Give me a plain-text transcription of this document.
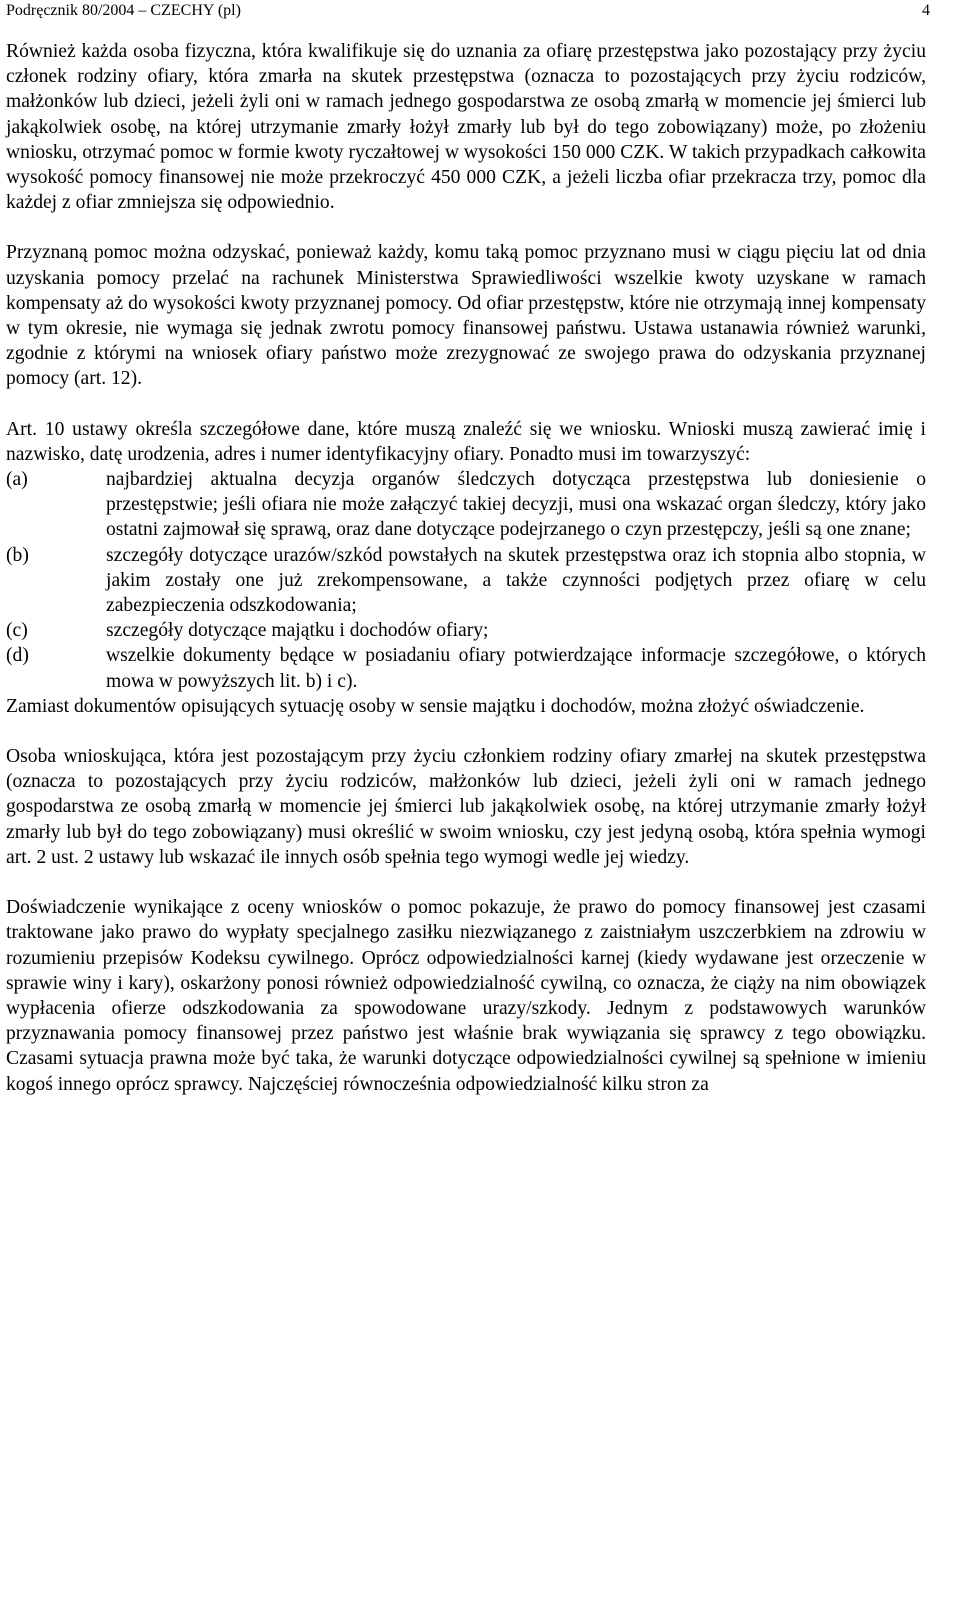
Podręcznik 80/2004 – CZECHY (pl)	4

Również każda osoba fizyczna, która kwalifikuje się do uznania za ofiarę przestępstwa jako pozostający przy życiu członek rodziny ofiary, która zmarła na skutek przestępstwa (oznacza to pozostających przy życiu rodziców, małżonków lub dzieci, jeżeli żyli oni w ramach jednego gospodarstwa ze osobą zmarłą w momencie jej śmierci lub jakąkolwiek osobę, na której utrzymanie zmarły łożył zmarły lub był do tego zobowiązany) może, po złożeniu wniosku, otrzymać pomoc w formie kwoty ryczałtowej w wysokości 150 000 CZK. W takich przypadkach całkowita wysokość pomocy finansowej nie może przekroczyć 450 000 CZK, a jeżeli liczba ofiar przekracza trzy, pomoc dla każdej z ofiar zmniejsza się odpowiednio.

Przyznaną pomoc można odzyskać, ponieważ każdy, komu taką pomoc przyznano musi w ciągu pięciu lat od dnia uzyskania pomocy przelać na rachunek Ministerstwa Sprawiedliwości wszelkie kwoty uzyskane w ramach kompensaty aż do wysokości kwoty przyznanej pomocy. Od ofiar przestępstw, które nie otrzymają innej kompensaty w tym okresie, nie wymaga się jednak zwrotu pomocy finansowej państwu. Ustawa ustanawia również warunki, zgodnie z którymi na wniosek ofiary państwo może zrezygnować ze swojego prawa do odzyskania przyznanej pomocy (art. 12).

Art. 10 ustawy określa szczegółowe dane, które muszą znaleźć się we wniosku. Wnioski muszą zawierać imię i nazwisko, datę urodzenia, adres i numer identyfikacyjny ofiary. Ponadto musi im towarzyszyć:

(a)	najbardziej aktualna decyzja organów śledczych dotycząca przestępstwa lub doniesienie o przestępstwie; jeśli ofiara nie może załączyć takiej decyzji, musi ona wskazać organ śledczy, który jako ostatni zajmował się sprawą, oraz dane dotyczące podejrzanego o czyn przestępczy, jeśli są one znane;
(b)	szczegóły dotyczące urazów/szkód powstałych na skutek przestępstwa oraz ich stopnia albo stopnia, w jakim zostały one już zrekompensowane, a także czynności podjętych przez ofiarę w celu zabezpieczenia odszkodowania;
(c)	szczegóły dotyczące majątku i dochodów ofiary;
(d)	wszelkie dokumenty będące w posiadaniu ofiary potwierdzające informacje szczegółowe, o których mowa w powyższych lit. b) i c).

Zamiast dokumentów opisujących sytuację osoby w sensie majątku i dochodów, można złożyć oświadczenie.

Osoba wnioskująca, która jest pozostającym przy życiu członkiem rodziny ofiary zmarłej na skutek przestępstwa (oznacza to pozostających przy życiu rodziców, małżonków lub dzieci, jeżeli żyli oni w ramach jednego gospodarstwa ze osobą zmarłą w momencie jej śmierci lub jakąkolwiek osobę, na której utrzymanie zmarły łożył zmarły lub był do tego zobowiązany) musi określić w swoim wniosku, czy jest jedyną osobą, która spełnia wymogi art. 2 ust. 2 ustawy lub wskazać ile innych osób spełnia tego wymogi wedle jej wiedzy.

Doświadczenie wynikające z oceny wniosków o pomoc pokazuje, że prawo do pomocy finansowej jest czasami traktowane jako prawo do wypłaty specjalnego zasiłku niezwiązanego z zaistniałym uszczerbkiem na zdrowiu w rozumieniu przepisów Kodeksu cywilnego. Oprócz odpowiedzialności karnej (kiedy wydawane jest orzeczenie w sprawie winy i kary), oskarżony ponosi również odpowiedzialność cywilną, co oznacza, że ciąży na nim obowiązek wypłacenia ofierze odszkodowania za spowodowane urazy/szkody. Jednym z podstawowych warunków przyznawania pomocy finansowej przez państwo jest właśnie brak wywiązania się sprawcy z tego obowiązku. Czasami sytuacja prawna może być taka, że warunki dotyczące odpowiedzialności cywilnej są spełnione w imieniu kogoś innego oprócz sprawcy. Najczęściej równocześnia odpowiedzialność kilku stron za
